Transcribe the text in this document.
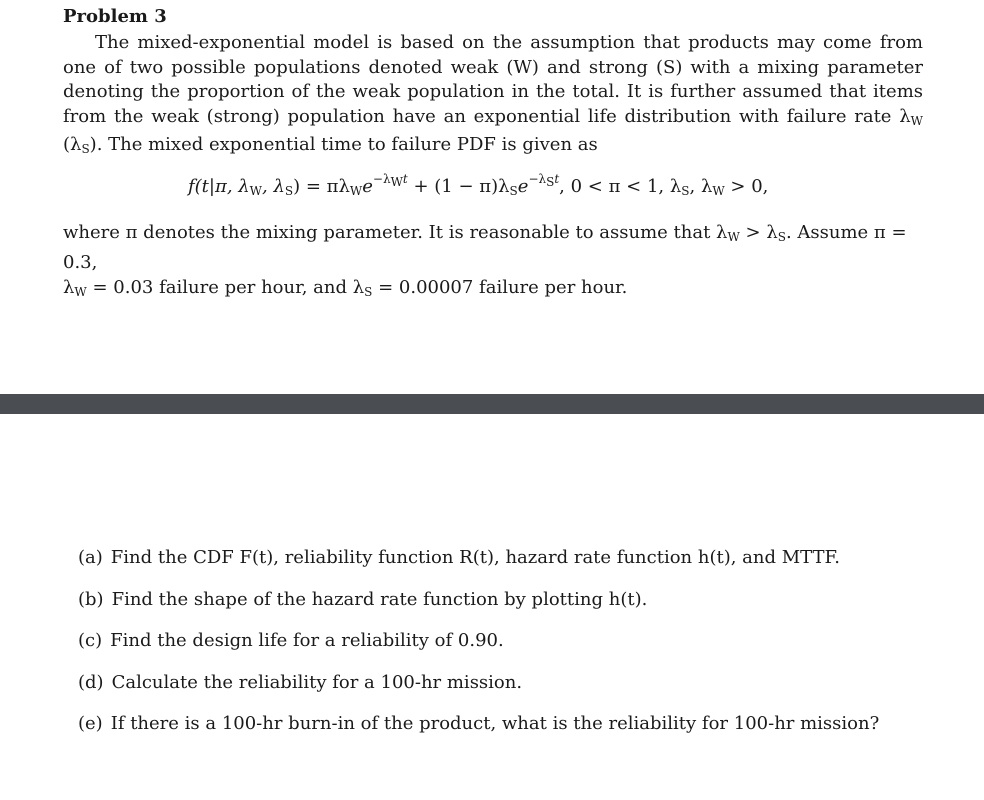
Problem 3

The mixed-exponential model is based on the assumption that products may come from one of two possible populations denoted weak (W) and strong (S) with a mixing parameter denoting the proportion of the weak population in the total. It is further assumed that items from the weak (strong) population have an exponential life distribution with failure rate $\lambda_W$ $(\lambda_S)$. The mixed exponential time to failure PDF is given as

f(t|π, $\lambda_W$, $\lambda_S) = \pi\lambda_We^{-\lambda_Wt} + (1 - \pi)\lambda_Se^{-\lambda_St}$, 0 < π < 1, $\lambda_S$, $\lambda_W > 0$,
where π denotes the mixing parameter. It is reasonable to assume that $\lambda_W > \lambda_S$. Assume π = 0.3,
$\lambda_W = 0.03$ failure per hour, and $\lambda_S = 0.00007$ failure per hour.
(a) Find the CDF F(t), reliability function R(t), hazard rate function h(t), and MTTF.
(b) Find the shape of the hazard rate function by plotting h(t).
(c) Find the design life for a reliability of 0.90.
(d) Calculate the reliability for a 100-hr mission.
(e) If there is a 100-hr burn-in of the product, what is the reliability for 100-hr mission?
